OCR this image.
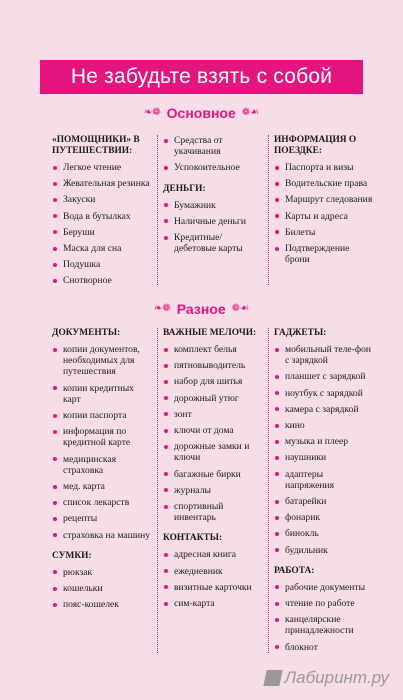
Не забудьте взять с собой
❧❁ Основное ❁☙
«ПОМОЩНИКИ» В ПУТЕШЕСТВИИ:
Легкое чтение
Жевательная резинка
Закуски
Вода в бутылках
Беруши
Маска для сна
Подушка
Снотворное
Средства от укачивания
Успокоительное
ДЕНЬГИ:
Бумажник
Наличные деньги
Кредитные/ дебетовые карты
ИНФОРМАЦИЯ О ПОЕЗДКЕ:
Паспорта и визы
Водительские права
Маршрут следования
Карты и адреса
Билеты
Подтверждение брони
❧❁ Разное ❁☙
ДОКУМЕНТЫ:
копии документов, необходимых для путешествия
копии кредитных карт
копии паспорта
информация по кредитной карте
медицинская страховка
мед. карта
список лекарств
рецепты
страховка на машину
СУМКИ:
рюкзак
кошельки
пояс-кошелек
ВАЖНЫЕ МЕЛОЧИ:
комплект белья
пятновыводитель
набор для шитья
дорожный утюг
зонт
ключи от дома
дорожные замки и ключи
багажные бирки
журналы
спортивный инвентарь
КОНТАКТЫ:
адресная книга
ежедневник
визитные карточки
сим-карта
ГАДЖЕТЫ:
мобильный теле-фон с зарядкой
планшет с зарядкой
ноутбук с зарядкой
камера с зарядкой
кино
музыка и плеер
наушники
адаптеры напряжения
батарейки
фонарик
бинокль
будильник
РАБОТА:
рабочие документы
чтение по работе
канцелярские принадлежности
блокнот
Лабиринт.ру
